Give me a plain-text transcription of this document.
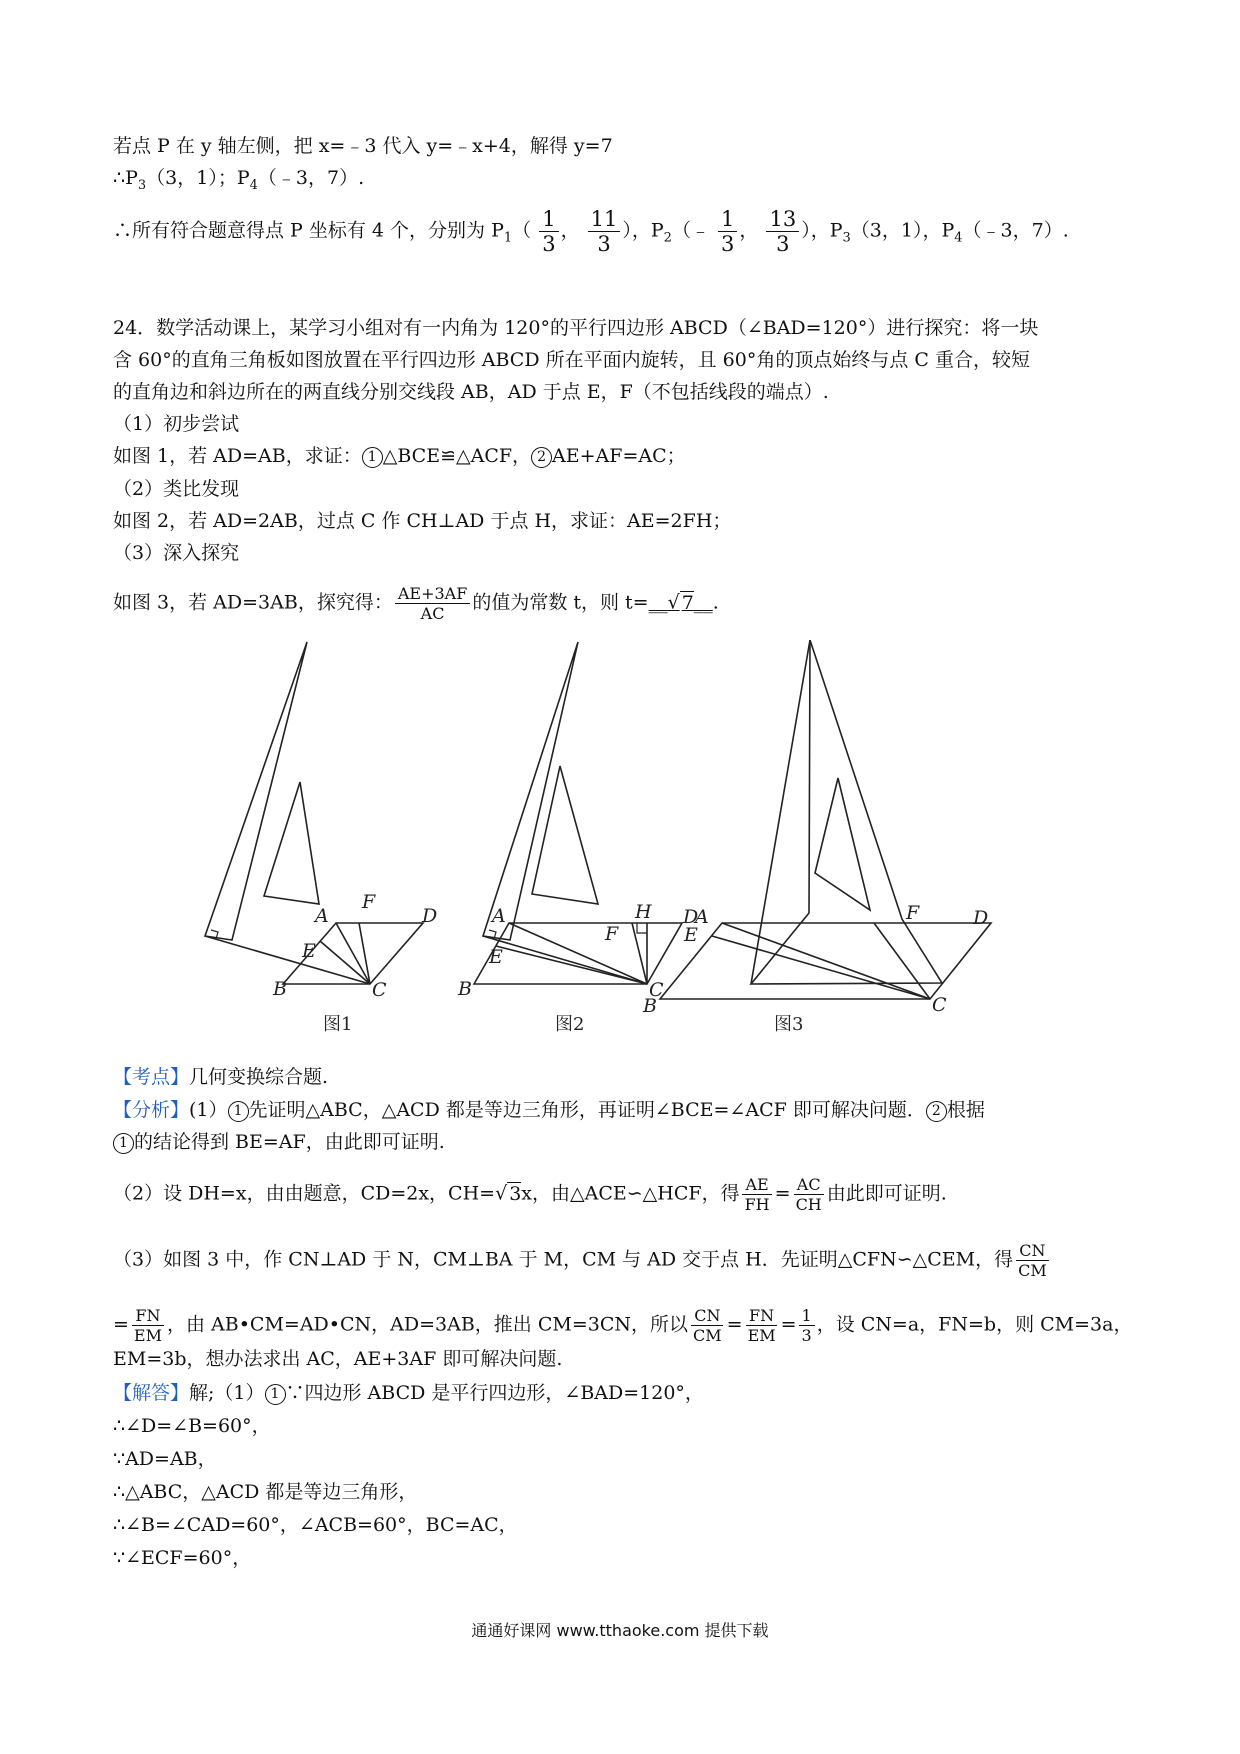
若点 P 在 y 轴左侧，把 x=﹣3 代入 y=﹣x+4，解得 y=7
$\therefore P_3(3$，1）；$P_4(﹣3$，7）.
∴所有符合题意得点 P 坐标有 4 个，分别为 $P_1( \frac{1}{3}$ ， $\frac{11}{3}$ ），$P_2(﹣ \frac{1}{3}$ ， $\frac{13}{3}$ ），$P_3(3$，1），$P_4(﹣3$，7）.
24．数学活动课上，某学习小组对有一内角为 120°的平行四边形 ABCD（∠BAD=120°）进行探究：将一块
含 60°的直角三角板如图放置在平行四边形 ABCD 所在平面内旋转，且 60°角的顶点始终与点 C 重合，较短
的直角边和斜边所在的两直线分别交线段 AB，AD 于点 E，F（不包括线段的端点）.
（1）初步尝试
如图 1，若 AD=AB，求证： 1 △BCE≌△ACF， 2 AE+AF=AC；
（2）类比发现
如图 2，若 AD=2AB，过点 C 作 CH⊥AD 于点 H，求证：AE=2FH；
（3）深入探究
如图 3，若 AD=3AB，探究得： $\frac{AE+3AF}{AC}$ 的值为常数 t，则 t=__√ 7__.
A
B	C
D
E
F
图1
A
B	C
D
E
F
H
图2
A
B	C
D
E
F
图3
【考点】几何变换综合题.
【分析】(1） 1 先证明△ABC，△ACD 都是等边三角形，再证明∠BCE=∠ACF 即可解决问题． 2 根据
1 的结论得到 BE=AF，由此即可证明.
（2）设 DH=x，由由题意，CD=2x，CH=√ 3x，由△ACE∽△HCF，得 $\frac{AE}{FH} = \frac{AC}{CH}$ 由此即可证明.
（3）如图 3 中，作 CN⊥AD 于 N，CM⊥BA 于 M，CM 与 AD 交于点 H．先证明△CFN∽△CEM，得 $\frac{CN}{CM}$
= $\frac{FN}{EM}$ ，由 AB•CM=AD•CN，AD=3AB，推出 CM=3CN，所以 $\frac{CN}{CM} = \frac{FN}{EM} = \frac{1}{3}$ ，设 CN=a，FN=b，则 CM=3a，
EM=3b，想办法求出 AC，AE+3AF 即可解决问题.
【解答】解;（1） 1 ∵四边形 ABCD 是平行四边形，∠BAD=120°，
∴∠D=∠B=60°，
∵AD=AB，
∴△ABC，△ACD 都是等边三角形，
∴∠B=∠CAD=60°，∠ACB=60°，BC=AC，
∵∠ECF=60°，
通通好课网 www.tthaoke.com 提供下载
